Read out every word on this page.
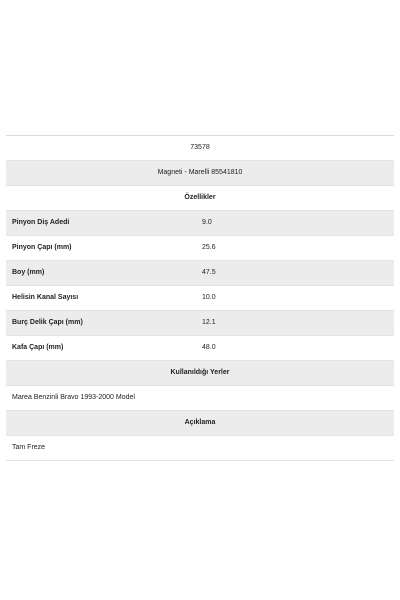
73578	
Magneti - Marelli 85541810	
Özellikler	
Pinyon Diş Adedi	9.0
Pinyon Çapı (mm)	25.6
Boy (mm)	47.5
Helisin Kanal Sayısı	10.0
Burç Delik Çapı (mm)	12.1
Kafa Çapı (mm)	48.0
Kullanıldığı Yerler	
Marea Benzinli Bravo 1993-2000 Model	
Açıklama	
Tam Freze	
